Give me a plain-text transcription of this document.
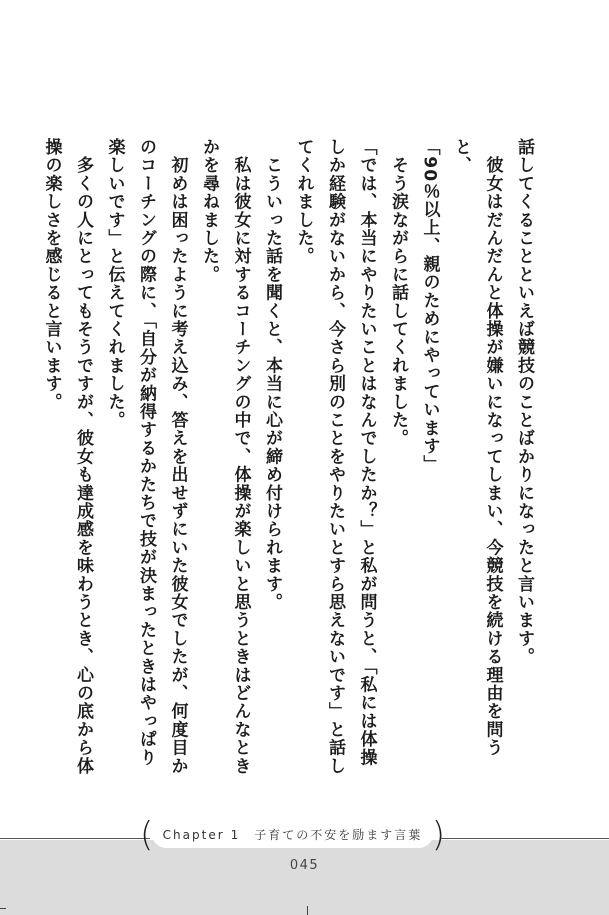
話してくることといえば競技のことばかりになったと言います。

　彼女はだんだんと体操が嫌いになってしまい、今競技を続ける理由を問うと、

「90％以上、親のためにやっています」

　そう涙ながらに話してくれました。

「では、本当にやりたいことはなんでしたか？」と私が問うと、「私には体操しか経験がないから、今さら別のことをやりたいとすら思えないです」と話してくれました。

　こういった話を聞くと、本当に心が締め付けられます。

　私は彼女に対するコーチングの中で、体操が楽しいと思うときはどんなときかを尋ねました。

　初めは困ったように考え込み、答えを出せずにいた彼女でしたが、何度目かのコーチングの際に、「自分が納得するかたちで技が決まったときはやっぱり楽しいです」と伝えてくれました。

　多くの人にとってもそうですが、彼女も達成感を味わうとき、心の底から体操の楽しさを感じると言います。

( Chapter 1 子育ての不安を励ます言葉 )
045
